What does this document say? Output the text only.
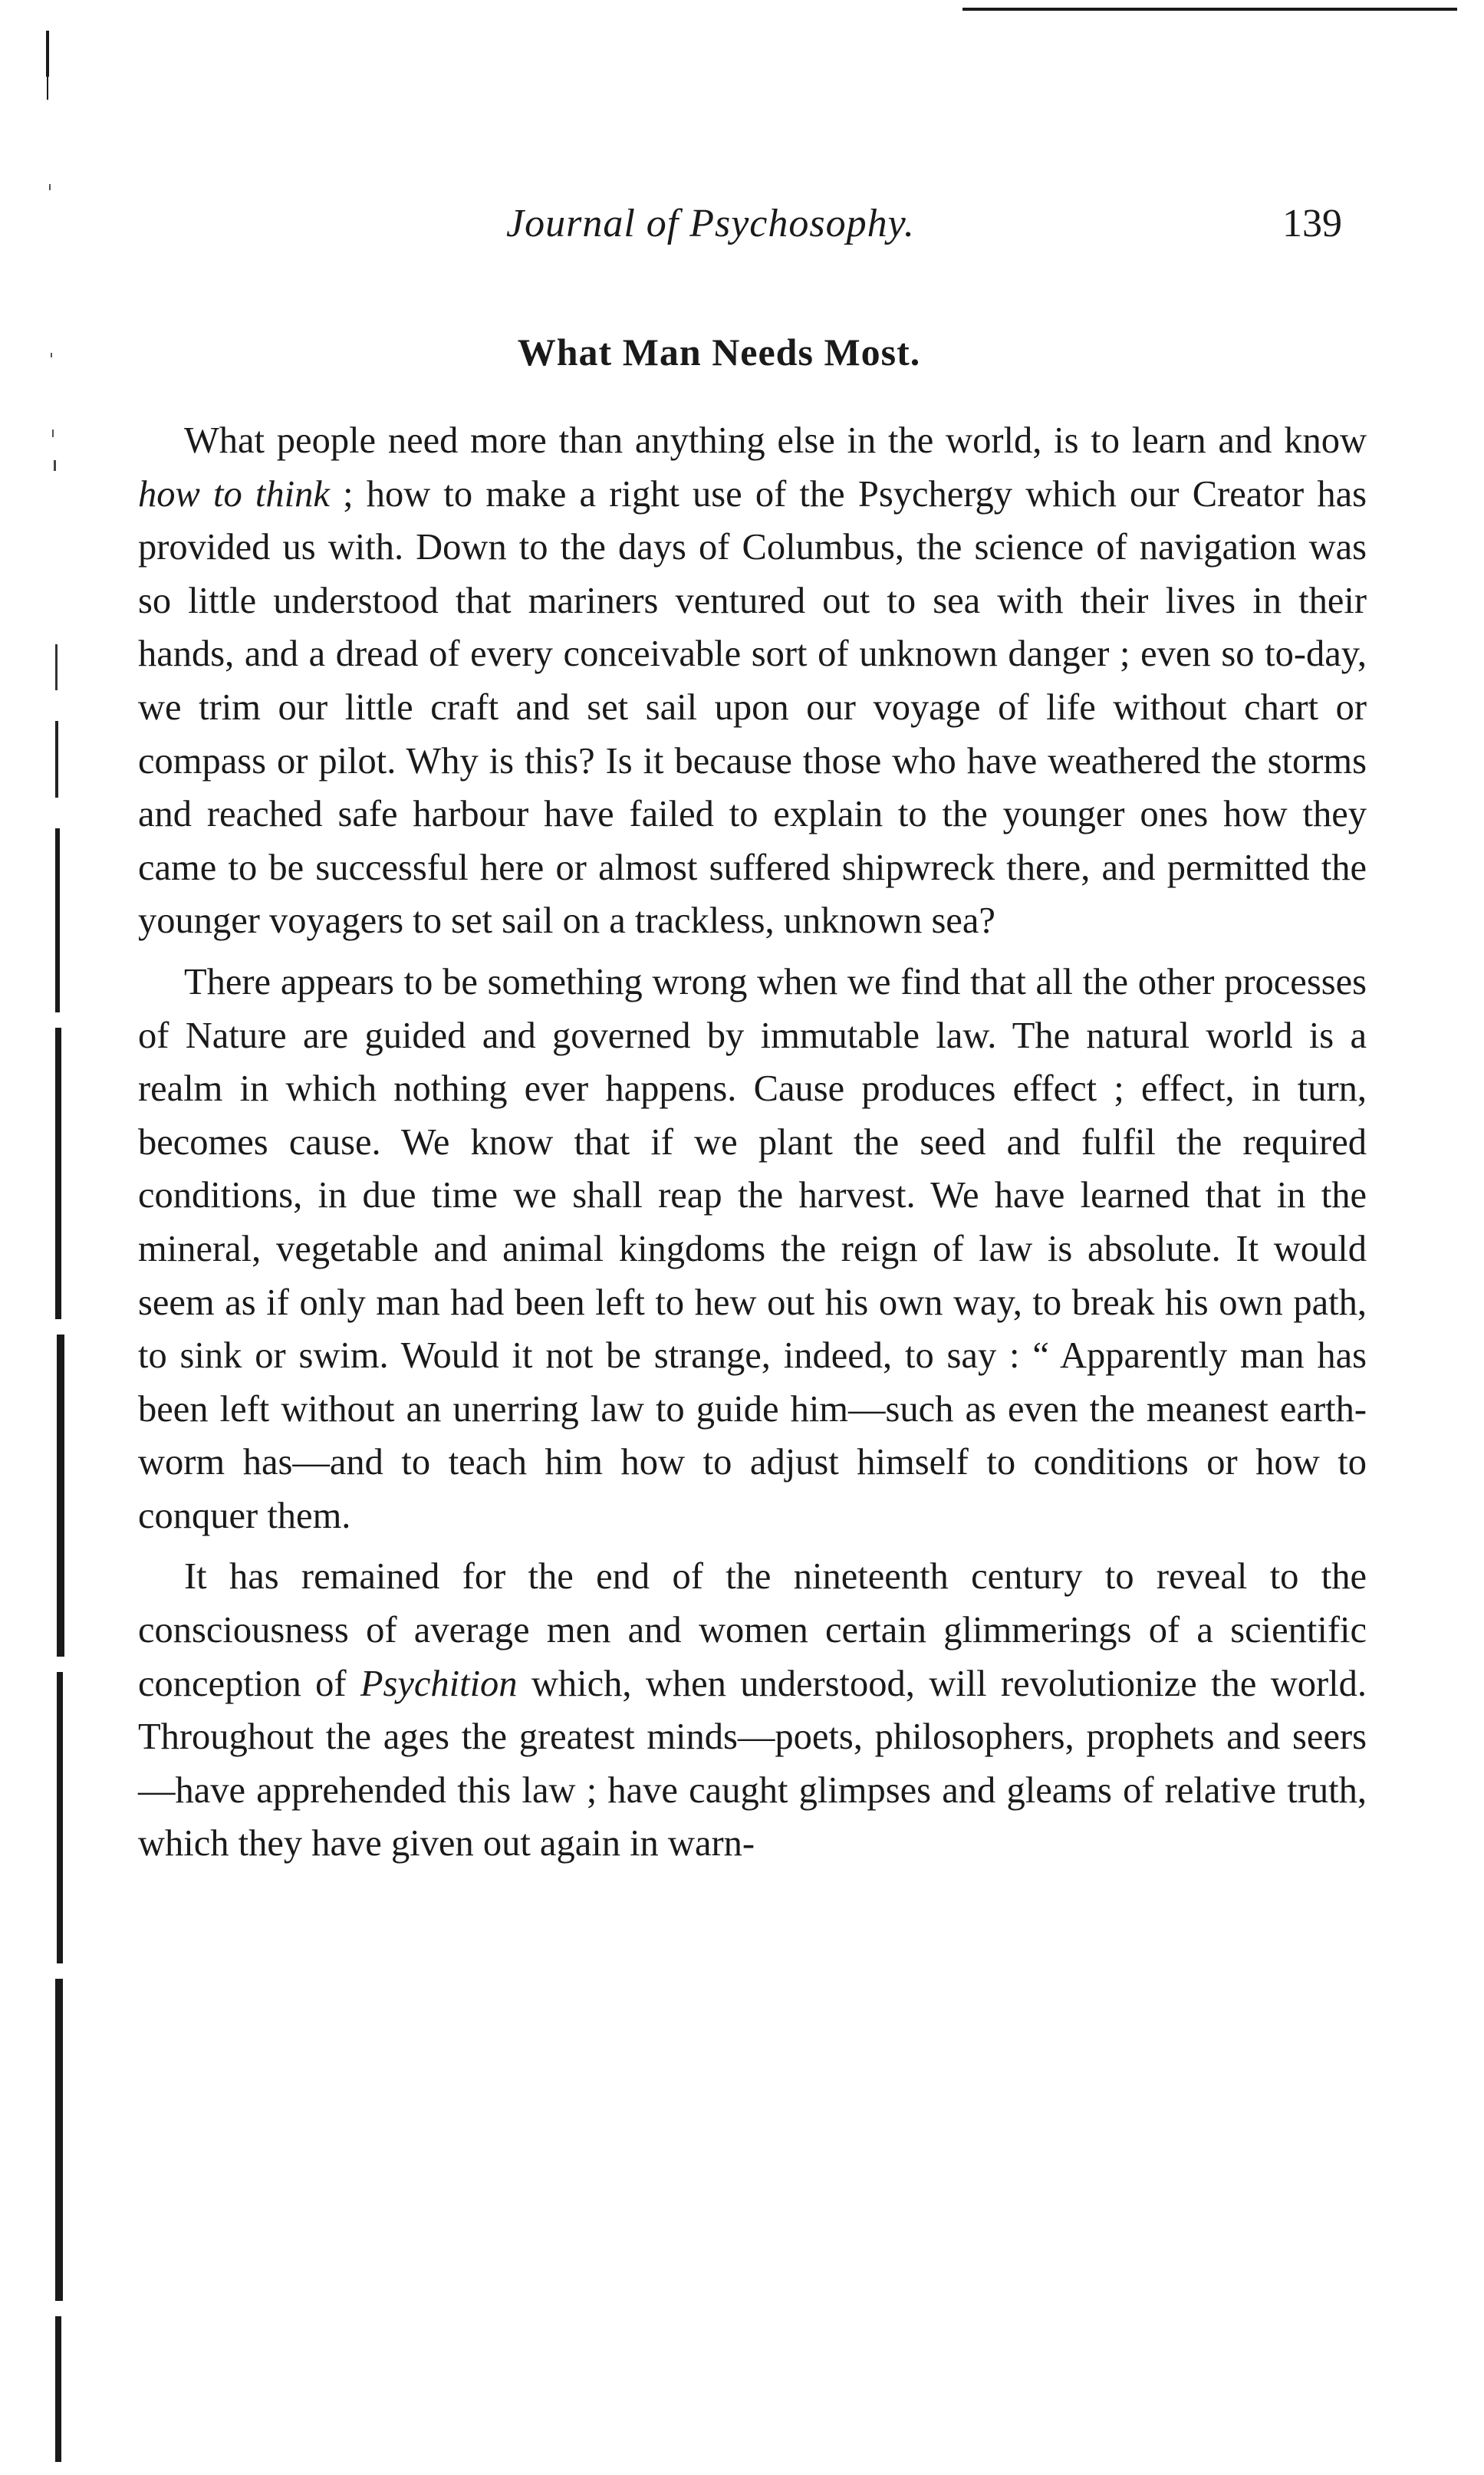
Journal of Psychosophy.	139
What Man Needs Most.

What people need more than anything else in the world, is to learn and know how to think ; how to make a right use of the Psychergy which our Creator has provided us with. Down to the days of Columbus, the science of navigation was so little understood that mariners ventured out to sea with their lives in their hands, and a dread of every conceivable sort of unknown danger ; even so to-day, we trim our little craft and set sail upon our voyage of life without chart or compass or pilot. Why is this? Is it because those who have weathered the storms and reached safe harbour have failed to explain to the younger ones how they came to be successful here or almost suffered shipwreck there, and permitted the younger voyagers to set sail on a trackless, unknown sea?

There appears to be something wrong when we find that all the other processes of Nature are guided and governed by immutable law. The natural world is a realm in which nothing ever happens. Cause produces effect ; effect, in turn, becomes cause. We know that if we plant the seed and fulfil the required conditions, in due time we shall reap the harvest. We have learned that in the mineral, vegetable and animal kingdoms the reign of law is absolute. It would seem as if only man had been left to hew out his own way, to break his own path, to sink or swim. Would it not be strange, indeed, to say : “ Apparently man has been left without an unerring law to guide him—such as even the meanest earth-worm has—and to teach him how to adjust himself to conditions or how to conquer them.

It has remained for the end of the nineteenth century to reveal to the consciousness of average men and women certain glimmerings of a scientific conception of Psychition which, when understood, will revolutionize the world. Throughout the ages the greatest minds—poets, philosophers, prophets and seers—have apprehended this law ; have caught glimpses and gleams of relative truth, which they have given out again in warn-
